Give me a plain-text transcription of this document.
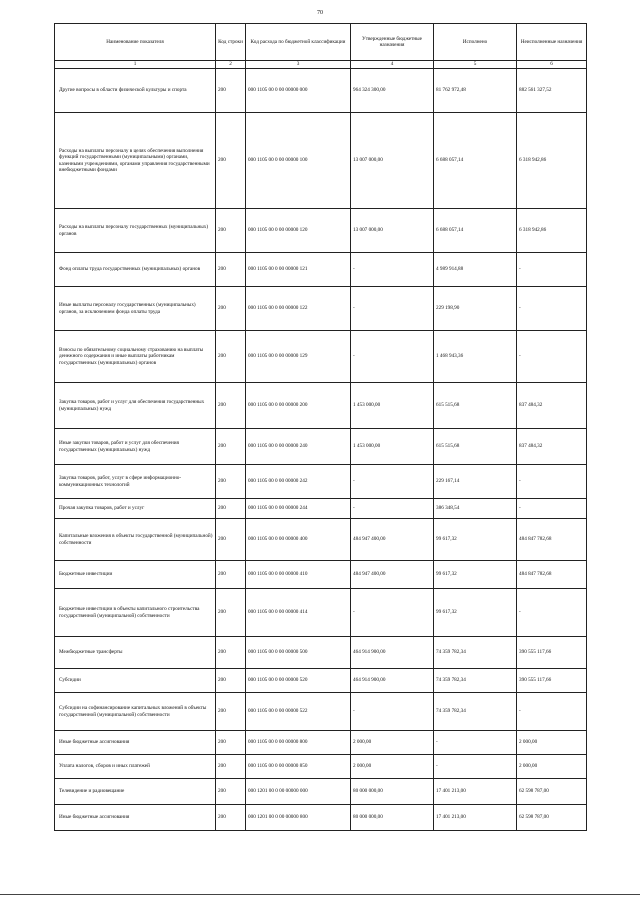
70
Наименование показателя	Код строки	Код расхода по бюджетной классификации	Утвержденные бюджетные назначения	Исполнено	Неисполненные назначения
1	2	3	4	5	6
Другие вопросы в области физической культуры и спорта	200	000 1105 00 0 00 00000 000	964 324 300,00	81 762 972,48	882 561 327,52
Расходы на выплаты персоналу в целях обеспечения выполнения функций государственными (муниципальными) органами, казенными учреждениями, органами управления государственными внебюджетными фондами	200	000 1105 00 0 00 00000 100	13 007 000,00	6 688 057,14	6 318 942,86
Расходы на выплаты персоналу государственных (муниципальных) органов	200	000 1105 00 0 00 00000 120	13 007 000,00	6 688 057,14	6 318 942,86
Фонд оплаты труда государственных (муниципальных) органов	200	000 1105 00 0 00 00000 121	-	4 989 914,88	-
Иные выплаты персоналу государственных (муниципальных) органов, за исключением фонда оплаты труда	200	000 1105 00 0 00 00000 122	-	229 198,90	-
Взносы по обязательному социальному страхованию на выплаты денежного содержания и иные выплаты работникам государственных (муниципальных) органов	200	000 1105 00 0 00 00000 129	-	1 468 943,36	-
Закупка товаров, работ и услуг для обеспечения государственных (муниципальных) нужд	200	000 1105 00 0 00 00000 200	1 453 000,00	615 515,68	837 484,32
Иные закупки товаров, работ и услуг для обеспечения государственных (муниципальных) нужд	200	000 1105 00 0 00 00000 240	1 453 000,00	615 515,68	837 484,32
Закупка товаров, работ, услуг в сфере информационно-коммуникационных технологий	200	000 1105 00 0 00 00000 242	-	229 167,14	-
Прочая закупка товаров, работ и услуг	200	000 1105 00 0 00 00000 244	-	386 348,54	-
Капитальные вложения в объекты государственной (муниципальной) собственности	200	000 1105 00 0 00 00000 400	484 947 400,00	99 617,32	484 847 782,68
Бюджетные инвестиции	200	000 1105 00 0 00 00000 410	484 947 400,00	99 617,32	484 847 782,68
Бюджетные инвестиции в объекты капитального строительства государственной (муниципальной) собственности	200	000 1105 00 0 00 00000 414	-	99 617,32	-
Межбюджетные трансферты	200	000 1105 00 0 00 00000 500	464 914 900,00	74 359 782,34	390 555 117,66
Субсидии	200	000 1105 00 0 00 00000 520	464 914 900,00	74 359 782,34	390 555 117,66
Субсидии на софинансирование капитальных вложений в объекты государственной (муниципальной) собственности	200	000 1105 00 0 00 00000 522	-	74 359 782,34	-
Иные бюджетные ассигнования	200	000 1105 00 0 00 00000 800	2 000,00	-	2 000,00
Уплата налогов, сборов и иных платежей	200	000 1105 00 0 00 00000 850	2 000,00	-	2 000,00
Телевидение и радиовещание	200	000 1201 00 0 00 00000 000	80 000 000,00	17 401 213,00	62 598 787,00
Иные бюджетные ассигнования	200	000 1201 00 0 00 00000 800	80 000 000,00	17 401 213,00	62 598 787,00
